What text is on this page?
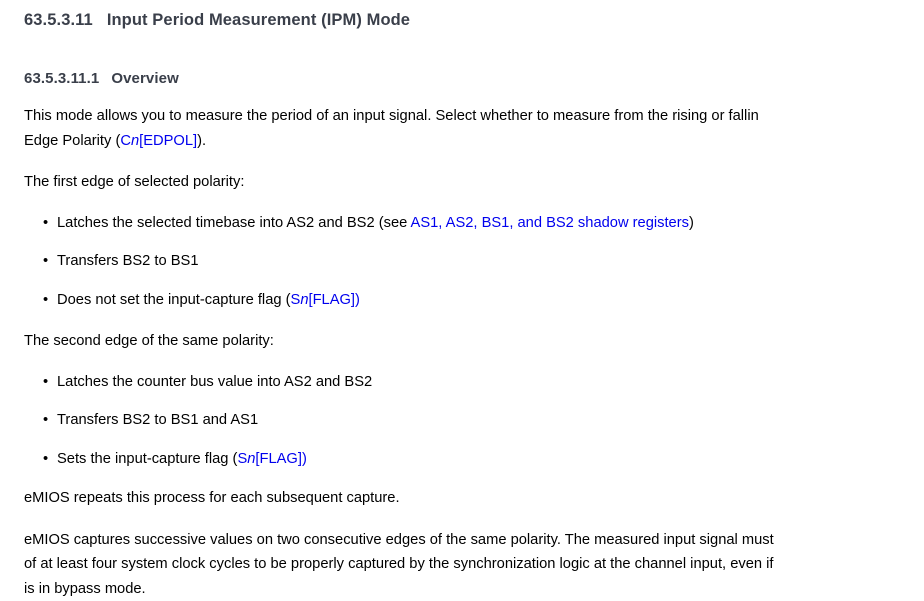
63.5.3.11 Input Period Measurement (IPM) Mode
63.5.3.11.1 Overview

This mode allows you to measure the period of an input signal. Select whether to measure from the rising or fallin
Edge Polarity (Cn[EDPOL]).

The first edge of selected polarity:

• Latches the selected timebase into AS2 and BS2 (see AS1, AS2, BS1, and BS2 shadow registers)
• Transfers BS2 to BS1
• Does not set the input-capture flag (Sn[FLAG])

The second edge of the same polarity:

• Latches the counter bus value into AS2 and BS2
• Transfers BS2 to BS1 and AS1
• Sets the input-capture flag (Sn[FLAG])

eMIOS repeats this process for each subsequent capture.

eMIOS captures successive values on two consecutive edges of the same polarity. The measured input signal must
of at least four system clock cycles to be properly captured by the synchronization logic at the channel input, even if
is in bypass mode.
